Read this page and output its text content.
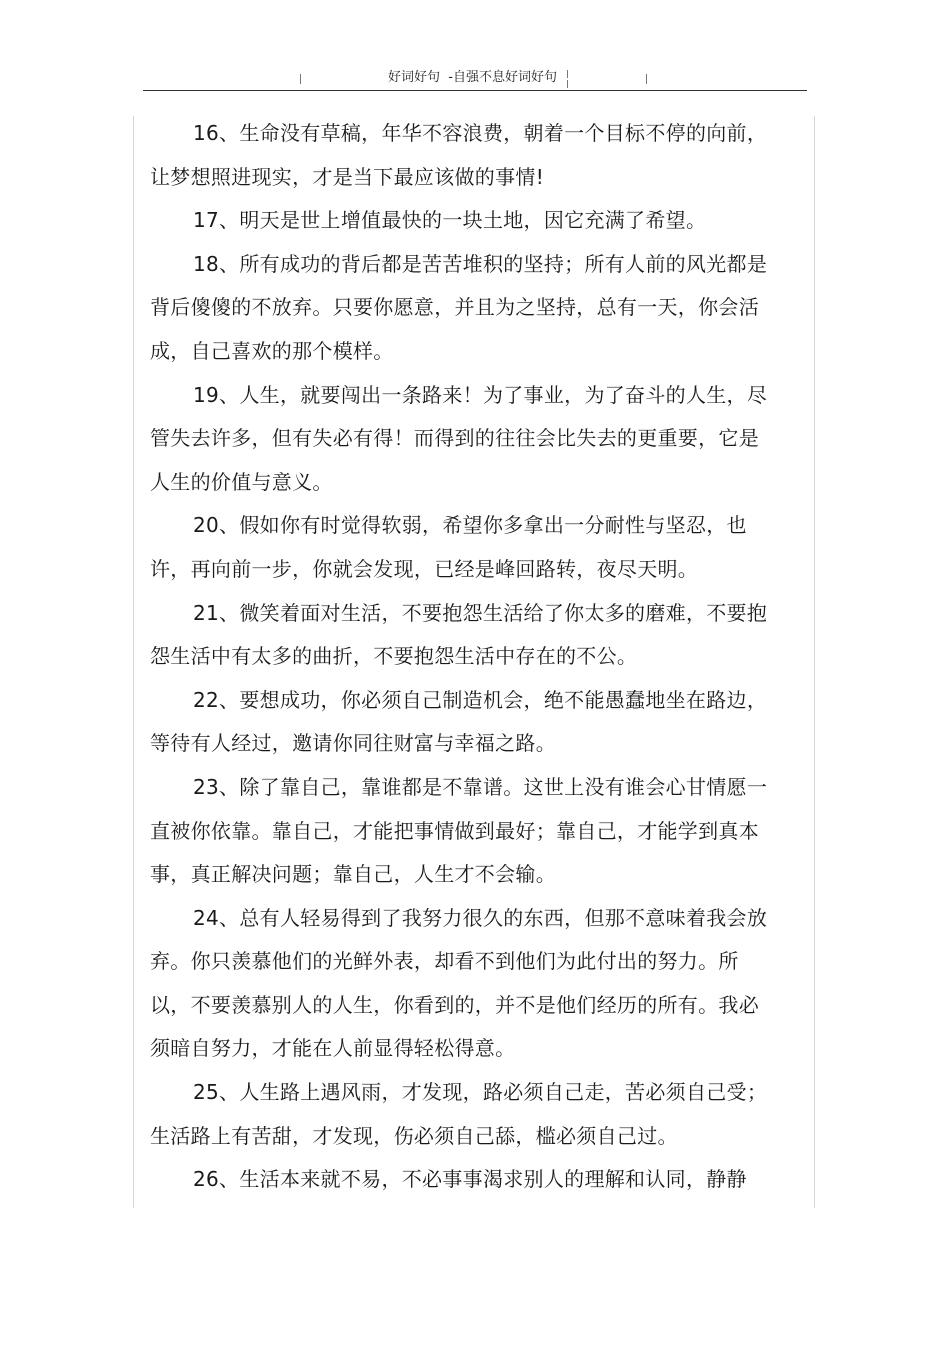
好词好句  -自强不息好词好句

16、生命没有草稿，年华不容浪费，朝着一个目标不停的向前，让梦想照进现实，才是当下最应该做的事情!

17、明天是世上增值最快的一块土地，因它充满了希望。

18、所有成功的背后都是苦苦堆积的坚持；所有人前的风光都是背后傻傻的不放弃。只要你愿意，并且为之坚持，总有一天，你会活成，自己喜欢的那个模样。

19、人生，就要闯出一条路来！为了事业，为了奋斗的人生，尽管失去许多，但有失必有得！而得到的往往会比失去的更重要，它是人生的价值与意义。

20、假如你有时觉得软弱，希望你多拿出一分耐性与坚忍，也许，再向前一步，你就会发现，已经是峰回路转，夜尽天明。

21、微笑着面对生活，不要抱怨生活给了你太多的磨难，不要抱怨生活中有太多的曲折，不要抱怨生活中存在的不公。

22、要想成功，你必须自己制造机会，绝不能愚蠢地坐在路边，等待有人经过，邀请你同往财富与幸福之路。

23、除了靠自己，靠谁都是不靠谱。这世上没有谁会心甘情愿一直被你依靠。靠自己，才能把事情做到最好；靠自己，才能学到真本事，真正解决问题；靠自己，人生才不会输。

24、总有人轻易得到了我努力很久的东西，但那不意味着我会放弃。你只羡慕他们的光鲜外表，却看不到他们为此付出的努力。所以，不要羡慕别人的人生，你看到的，并不是他们经历的所有。我必须暗自努力，才能在人前显得轻松得意。

25、人生路上遇风雨，才发现，路必须自己走，苦必须自己受；生活路上有苦甜，才发现，伤必须自己舔，槛必须自己过。

26、生活本来就不易，不必事事渴求别人的理解和认同，静静
